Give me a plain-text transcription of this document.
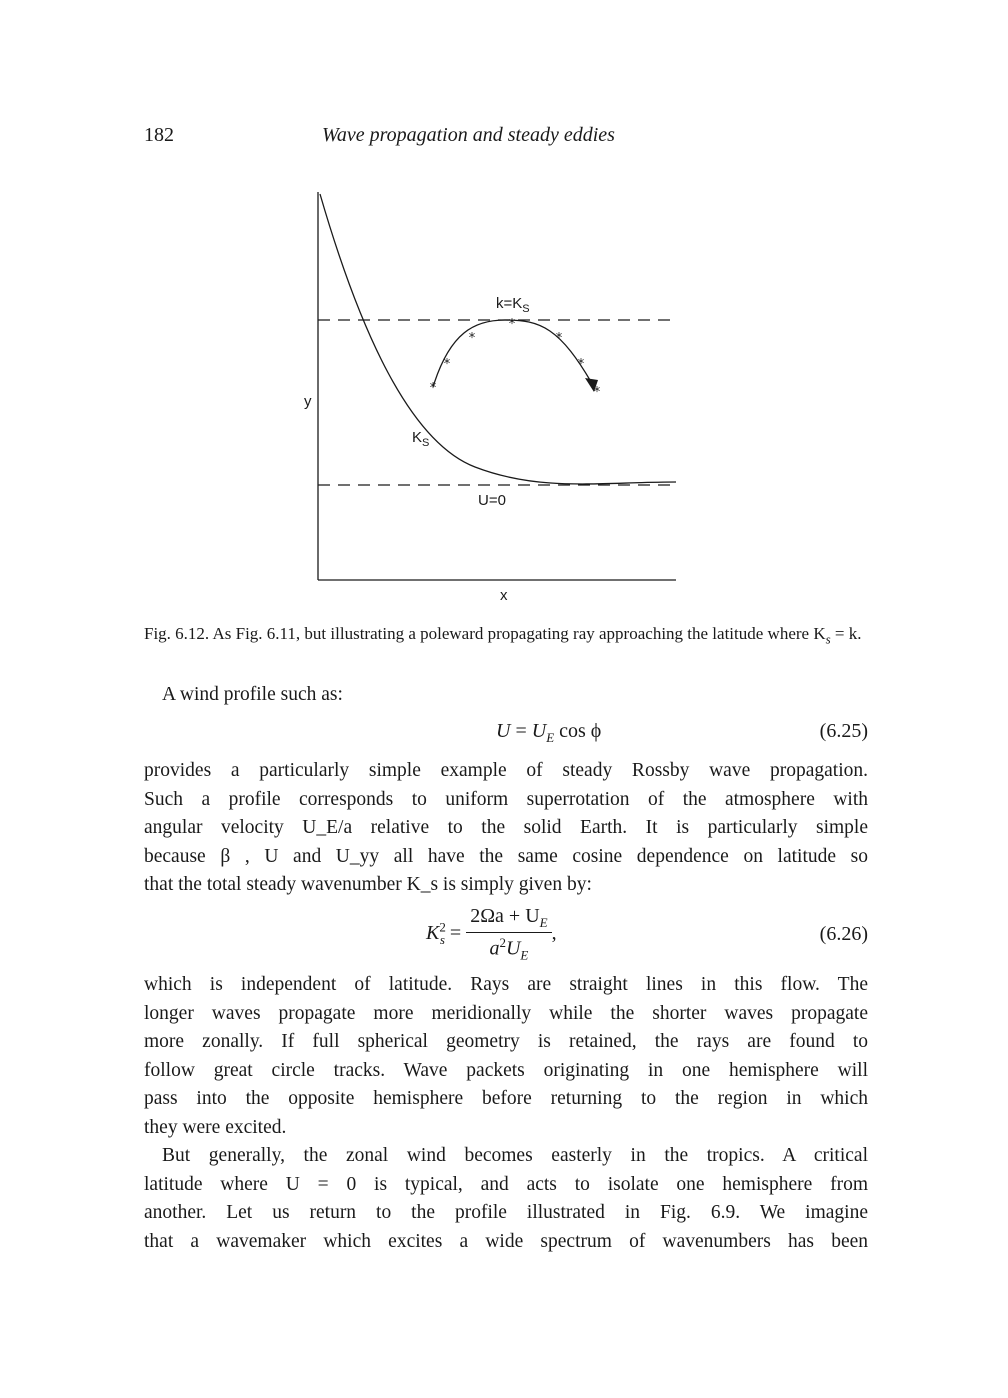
182	Wave propagation and steady eddies
*
*
*
*
*
*
*
y
x
$k=K_S$
$K_S$
U=0
Fig. 6.12. As Fig. 6.11, but illustrating a poleward propagating ray approaching the latitude where $K_s = k$.
A wind profile such as:
$U = U_E$ cos ϕ	(6.25)
provides a particularly simple example of steady Rossby wave propagation.
Such a profile corresponds to uniform superrotation of the atmosphere with
angular velocity U_E/a relative to the solid Earth. It is particularly simple
because β , U and U_yy all have the same cosine dependence on latitude so
that the total steady wavenumber K_s is simply given by:
$K^2_s = \frac{2\Omega a + U_E}{a^2U_E}$ ,	(6.26)
which is independent of latitude. Rays are straight lines in this flow. The
longer waves propagate more meridionally while the shorter waves propagate
more zonally. If full spherical geometry is retained, the rays are found to
follow great circle tracks. Wave packets originating in one hemisphere will
pass into the opposite hemisphere before returning to the region in which
they were excited.
But generally, the zonal wind becomes easterly in the tropics. A critical
latitude where U = 0 is typical, and acts to isolate one hemisphere from
another. Let us return to the profile illustrated in Fig. 6.9. We imagine
that a wavemaker which excites a wide spectrum of wavenumbers has been
